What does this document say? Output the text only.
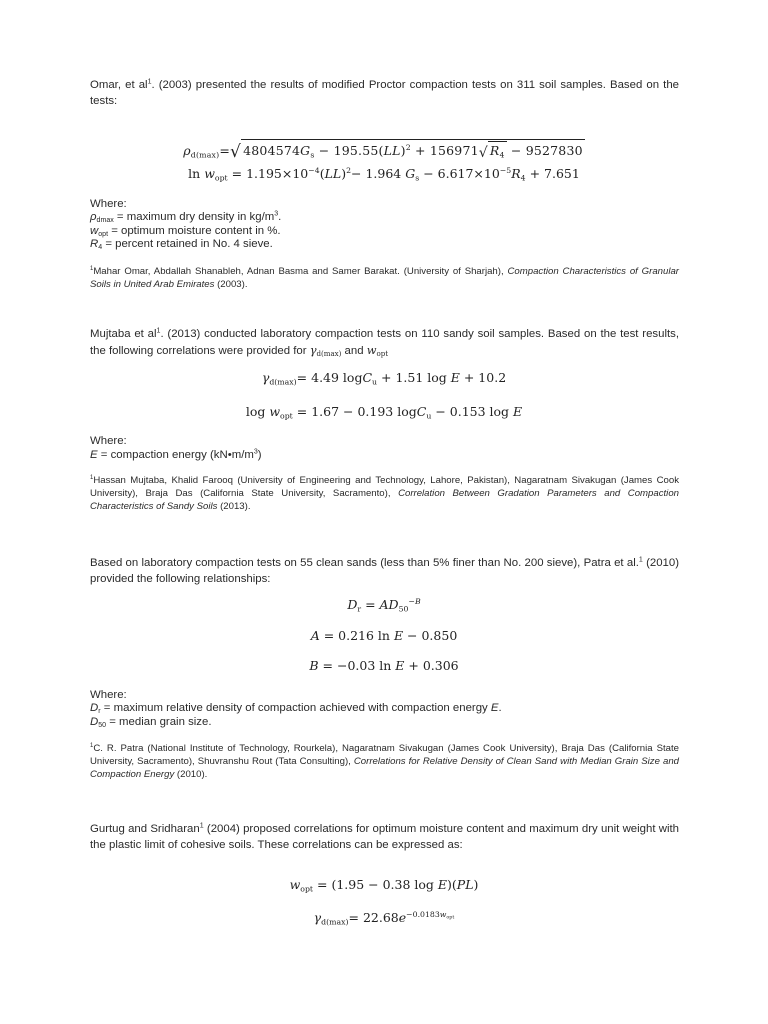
Omar, et $al^1$. (2003) presented the results of modified Proctor compaction tests on 311 soil samples. Based on the tests:
$\rho_{d(max)}=√$ $4804574G_s - 195.55(LL)^2 + 156971√$ $R_4 - 9527830$
$\ln w_{opt} = 1.195\times 10^{-4}(LL)^2- 1.964$ $G_s - 6.617\times 10^{-5}R_4 + 7.651$
Where:
$\rho_{dmax}$ = maximum dry density in $kg/m^3$.
$w_{opt}$ = optimum moisture content in %.
$R_4$ = percent retained in No. 4 sieve.
$^1$Mahar Omar, Abdallah Shanableh, Adnan Basma and Samer Barakat. (University of Sharjah), Compaction Characteristics of Granular Soils in United Arab Emirates (2003).
Mujtaba et $al^1$. (2013) conducted laboratory compaction tests on 110 sandy soil samples. Based on the test results, the following correlations were provided for $\gamma_{d(max)}$ and $w_{opt}$
$\gamma_{d(max)}= 4.49$ logC$_u$ + 1.51 log E + 10.2
$\log w_{opt} = 1.67 - 0.193$ logC$_u$ − 0.153 log E
Where:
E = compaction energy $(kN•m/m^3)$
$^1$Hassan Mujtaba, Khalid Farooq (University of Engineering and Technology, Lahore, Pakistan), Nagaratnam Sivakugan (James Cook University), Braja Das (California State University, Sacramento), Correlation Between Gradation Parameters and Compaction Characteristics of Sandy Soils (2013).
Based on laboratory compaction tests on 55 clean sands (less than 5% finer than No. 200 sieve), Patra et al.$^1$ (2010) provided the following relationships:
$D_r = AD_{50}^{-B}$
A = 0.216 ln E − 0.850
B = −0.03 ln E + 0.306
Where:
$D_r$ = maximum relative density of compaction achieved with compaction energy E.
$D_{50}$ = median grain size.
$^1$C. R. Patra (National Institute of Technology, Rourkela), Nagaratnam Sivakugan (James Cook University), Braja Das (California State University, Sacramento), Shuvranshu Rout (Tata Consulting), Correlations for Relative Density of Clean Sand with Median Grain Size and Compaction Energy (2010).
Gurtug and Sridharan$^1$ (2004) proposed correlations for optimum moisture content and maximum dry unit weight with the plastic limit of cohesive soils. These correlations can be expressed as:
$w_{opt} = (1.95 - 0.38$ log E)(PL)
$\gamma_{d(max)}= 22.68e^{-0.0183w_{opt}}$
